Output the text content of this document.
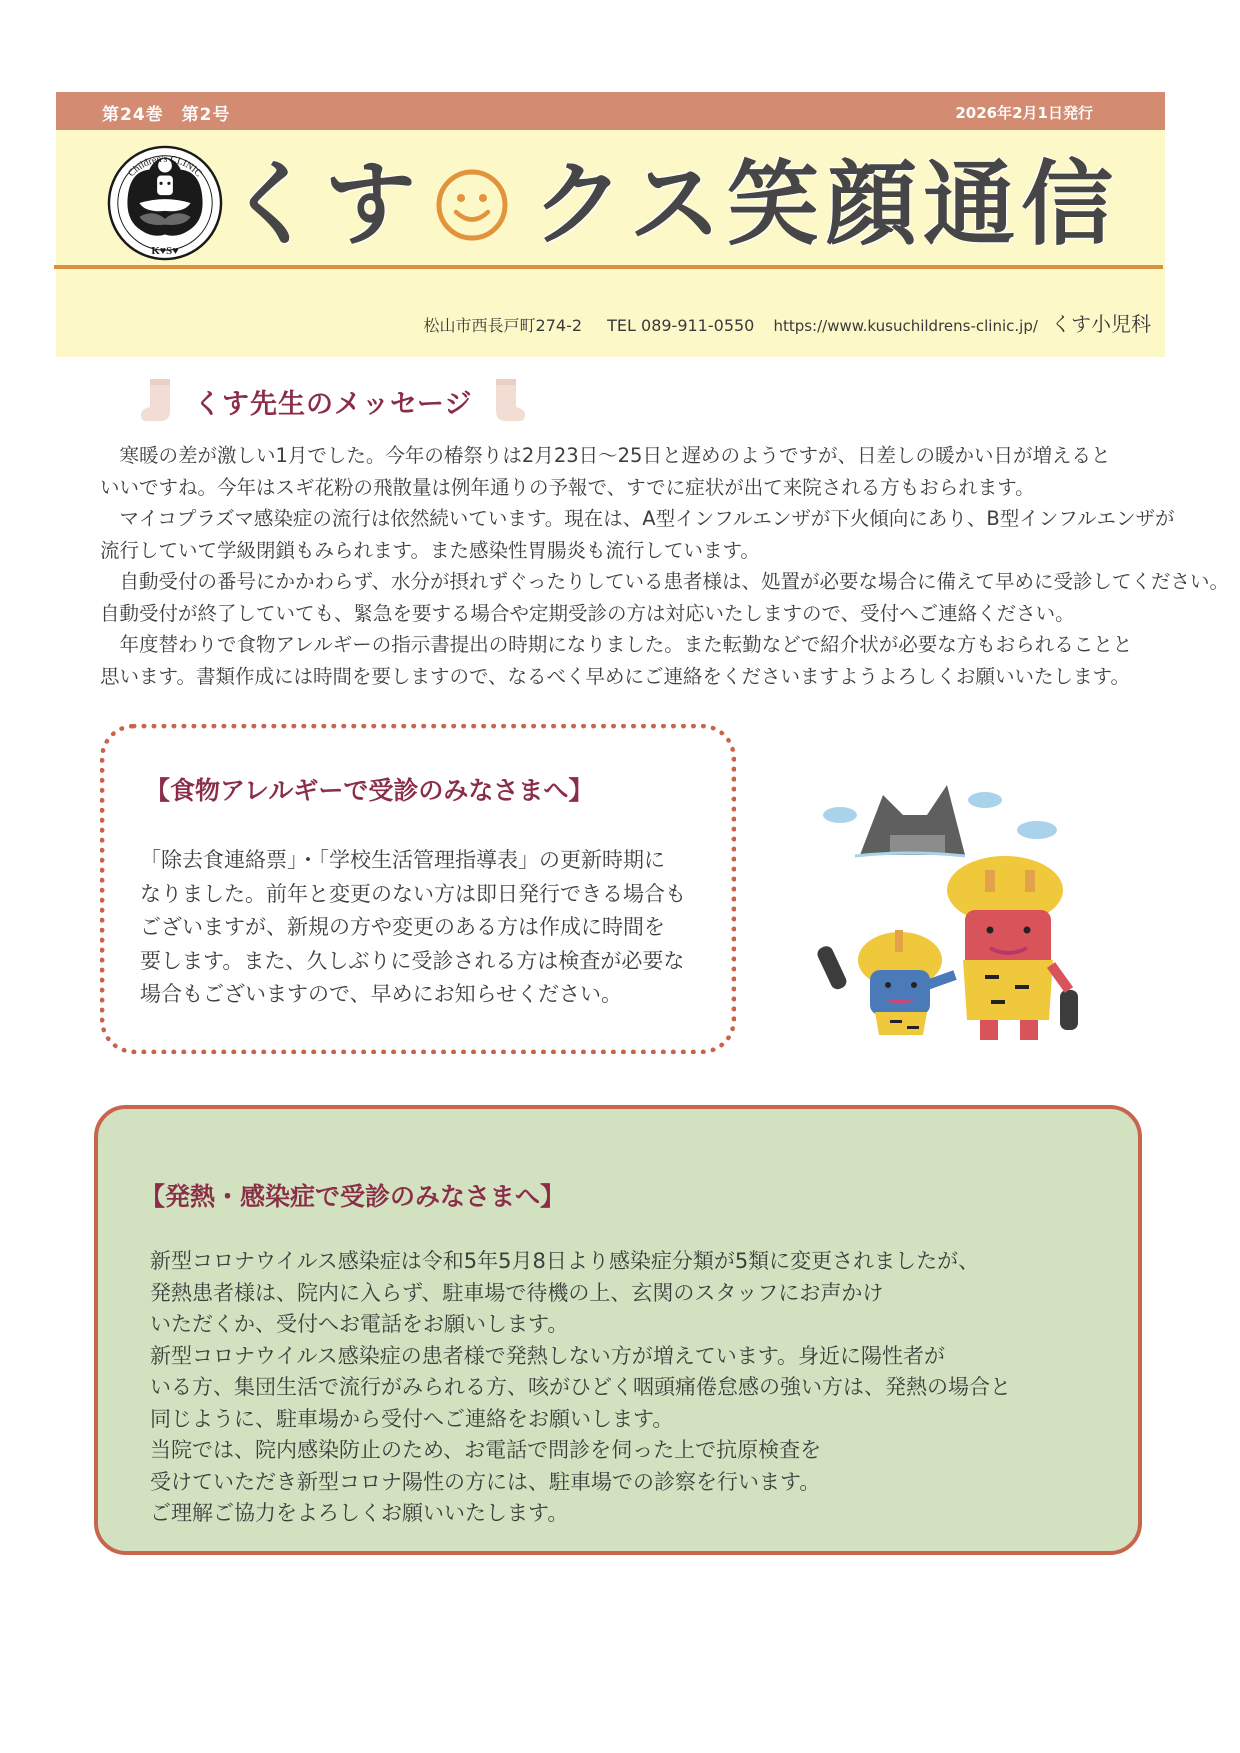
第24巻　第2号	2026年2月1日発行
K♥S♥
Children's CLINIC くす クス笑顔通信
松山市西長戸町274-2 TEL 089-911-0550 https://www.kusuchildrens-clinic.jp/ くす小児科
くす先生のメッセージ

寒暖の差が激しい1月でした。今年の椿祭りは2月23日～25日と遅めのようですが、日差しの暖かい日が増えると

いいですね。今年はスギ花粉の飛散量は例年通りの予報で、すでに症状が出て来院される方もおられます。

マイコプラズマ感染症の流行は依然続いています。現在は、A型インフルエンザが下火傾向にあり、B型インフルエンザが

流行していて学級閉鎖もみられます。また感染性胃腸炎も流行しています。

自動受付の番号にかかわらず、水分が摂れずぐったりしている患者様は、処置が必要な場合に備えて早めに受診してください。

自動受付が終了していても、緊急を要する場合や定期受診の方は対応いたしますので、受付へご連絡ください。

年度替わりで食物アレルギーの指示書提出の時期になりました。また転勤などで紹介状が必要な方もおられることと

思います。書類作成には時間を要しますので、なるべく早めにご連絡をくださいますようよろしくお願いいたします。

【食物アレルギーで受診のみなさまへ】

「除去食連絡票」・「学校生活管理指導表」の更新時期に

なりました。前年と変更のない方は即日発行できる場合も

ございますが、新規の方や変更のある方は作成に時間を

要します。また、久しぶりに受診される方は検査が必要な

場合もございますので、早めにお知らせください。

【発熱・感染症で受診のみなさまへ】

新型コロナウイルス感染症は令和5年5月8日より感染症分類が5類に変更されましたが、

発熱患者様は、院内に入らず、駐車場で待機の上、玄関のスタッフにお声かけ

いただくか、受付へお電話をお願いします。

新型コロナウイルス感染症の患者様で発熱しない方が増えています。身近に陽性者が

いる方、集団生活で流行がみられる方、咳がひどく咽頭痛倦怠感の強い方は、発熱の場合と

同じように、駐車場から受付へご連絡をお願いします。

当院では、院内感染防止のため、お電話で問診を伺った上で抗原検査を

受けていただき新型コロナ陽性の方には、駐車場での診察を行います。

ご理解ご協力をよろしくお願いいたします。
